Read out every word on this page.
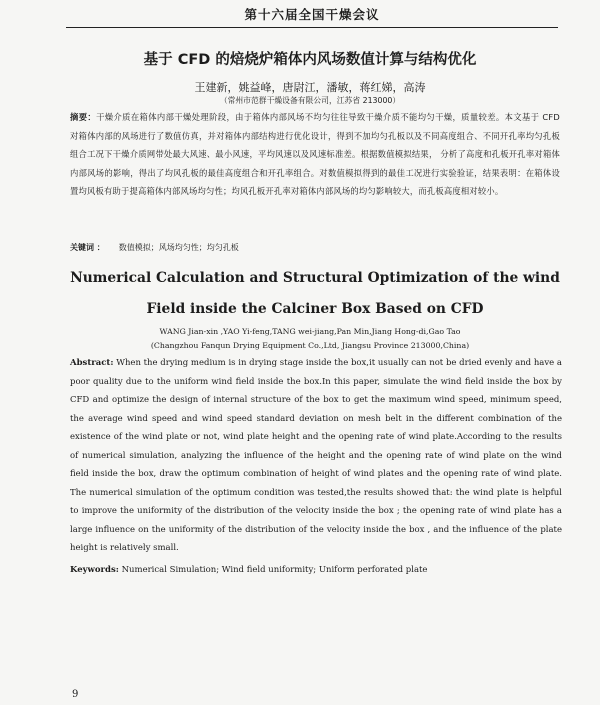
第十六届全国干燥会议
基于 CFD 的焙烧炉箱体内风场数值计算与结构优化
王建新，姚益峰，唐尉江，潘敏，蒋红娣，高涛
（常州市范群干燥设备有限公司，江苏省 213000）
摘要：干燥介质在箱体内部干燥处理阶段，由于箱体内部风场不均匀往往导致干燥介质不能均匀干燥，质量较差。本文基于 CFD 对箱体内部的风场进行了数值仿真，并对箱体内部结构进行优化设计，得到不加均匀孔板以及不同高度组合、不同开孔率均匀孔板组合工况下干燥介质网带处最大风速、最小风速，平均风速以及风速标准差。根据数值模拟结果， 分析了高度和孔板开孔率对箱体内部风场的影响，得出了均风孔板的最佳高度组合和开孔率组合。对数值模拟得到的最佳工况进行实验验证，结果表明：在箱体设置均风板有助于提高箱体内部风场均匀性；均风孔板开孔率对箱体内部风场的均匀影响较大，而孔板高度相对较小。
关键词 ： 数值模拟；风场均匀性；均匀孔板
Numerical Calculation and Structural Optimization of the wind
Field inside the Calciner Box Based on CFD
WANG Jian-xin ,YAO Yi-feng,TANG wei-jiang,Pan Min,Jiang Hong-di,Gao Tao
(Changzhou Fanqun Drying Equipment Co.,Ltd, Jiangsu Province 213000,China)
Abstract: When the drying medium is in drying stage inside the box,it usually can not be dried evenly and have a poor quality due to the uniform wind field inside the box.In this paper, simulate the wind field inside the box by CFD and optimize the design of internal structure of the box to get the maximum wind speed, minimum speed, the average wind speed and wind speed standard deviation on mesh belt in the different combination of the existence of the wind plate or not, wind plate height and the opening rate of wind plate.According to the results of numerical simulation, analyzing the influence of the height and the opening rate of wind plate on the wind field inside the box, draw the optimum combination of height of wind plates and the opening rate of wind plate. The numerical simulation of the optimum condition was tested,the results showed that: the wind plate is helpful to improve the uniformity of the distribution of the velocity inside the box ; the opening rate of wind plate has a large influence on the uniformity of the distribution of the velocity inside the box , and the influence of the plate height is relatively small.
Keywords: Numerical Simulation; Wind field uniformity; Uniform perforated plate
9
